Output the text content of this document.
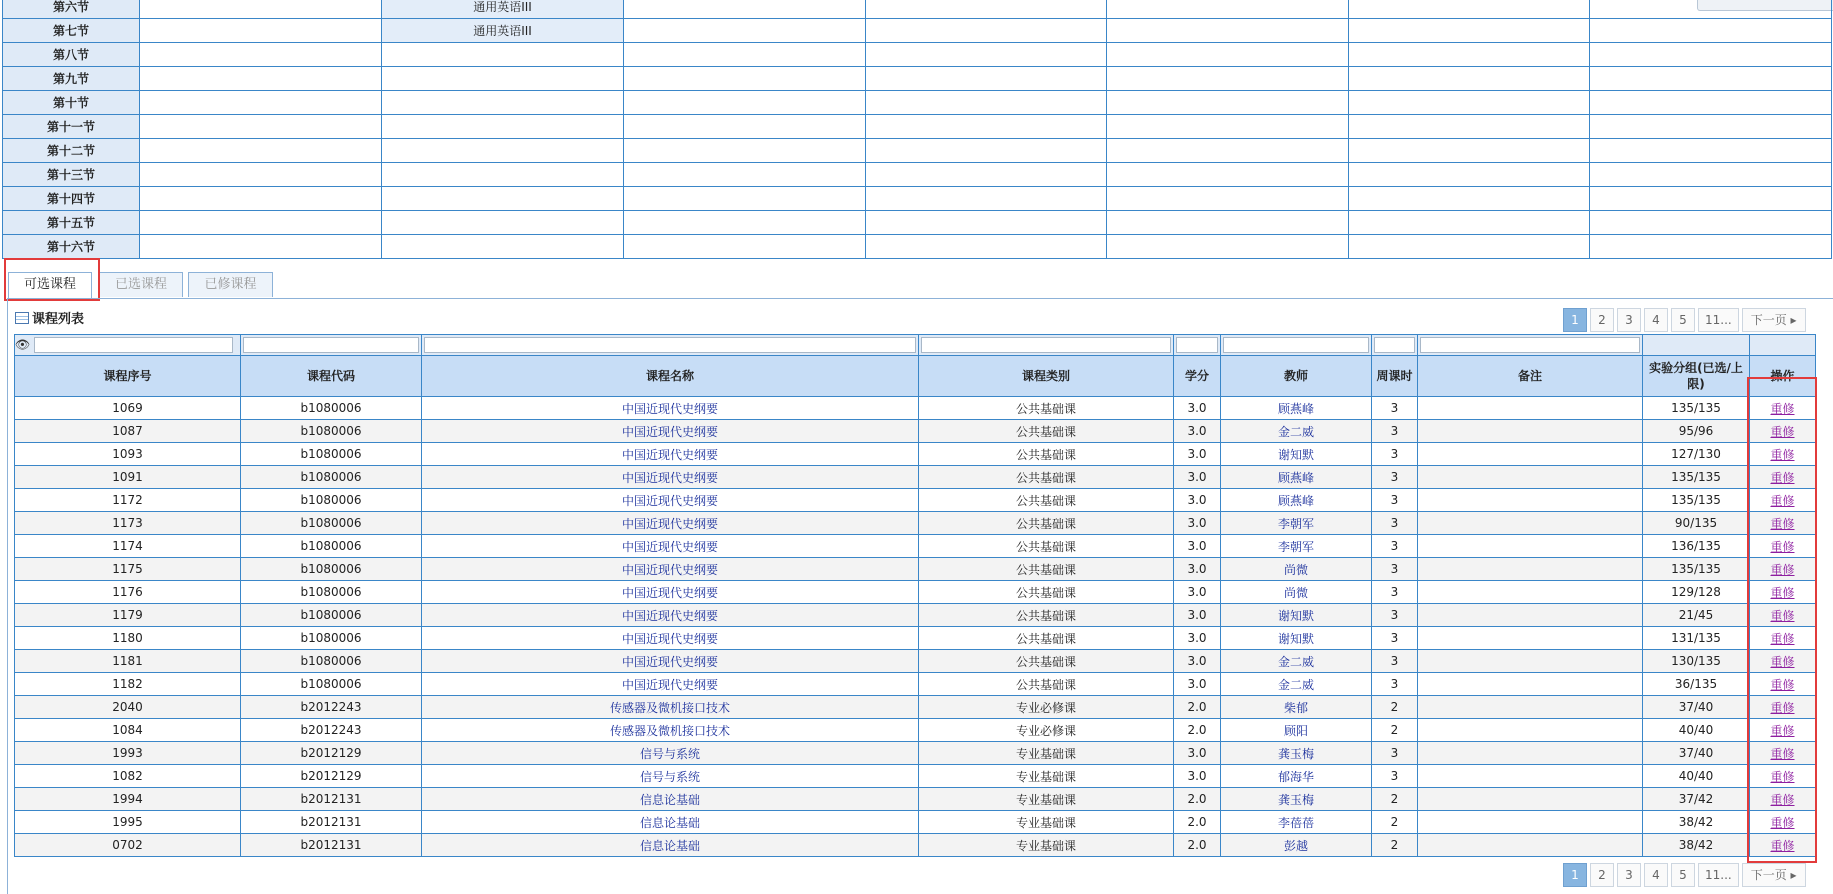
第六节		通用英语III					
第七节		通用英语III					
第八节							
第九节							
第十节							
第十一节							
第十二节							
第十三节							
第十四节							
第十五节							
第十六节							
可选课程	已选课程	已修课程
课程列表	1	2	3	4	5	11...	下一页 ▸
👁									
课程序号	课程代码	课程名称	课程类别	学分	教师	周课时	备注	实验分组(已选/上限)	操作
1069	b1080006	中国近现代史纲要	公共基础课	3.0	顾燕峰	3		135/135	重修
1087	b1080006	中国近现代史纲要	公共基础课	3.0	金二威	3		95/96	重修
1093	b1080006	中国近现代史纲要	公共基础课	3.0	谢知默	3		127/130	重修
1091	b1080006	中国近现代史纲要	公共基础课	3.0	顾燕峰	3		135/135	重修
1172	b1080006	中国近现代史纲要	公共基础课	3.0	顾燕峰	3		135/135	重修
1173	b1080006	中国近现代史纲要	公共基础课	3.0	李朝军	3		90/135	重修
1174	b1080006	中国近现代史纲要	公共基础课	3.0	李朝军	3		136/135	重修
1175	b1080006	中国近现代史纲要	公共基础课	3.0	尚微	3		135/135	重修
1176	b1080006	中国近现代史纲要	公共基础课	3.0	尚微	3		129/128	重修
1179	b1080006	中国近现代史纲要	公共基础课	3.0	谢知默	3		21/45	重修
1180	b1080006	中国近现代史纲要	公共基础课	3.0	谢知默	3		131/135	重修
1181	b1080006	中国近现代史纲要	公共基础课	3.0	金二威	3		130/135	重修
1182	b1080006	中国近现代史纲要	公共基础课	3.0	金二威	3		36/135	重修
2040	b2012243	传感器及微机接口技术	专业必修课	2.0	柴郁	2		37/40	重修
1084	b2012243	传感器及微机接口技术	专业必修课	2.0	顾阳	2		40/40	重修
1993	b2012129	信号与系统	专业基础课	3.0	龚玉梅	3		37/40	重修
1082	b2012129	信号与系统	专业基础课	3.0	郁海华	3		40/40	重修
1994	b2012131	信息论基础	专业基础课	2.0	龚玉梅	2		37/42	重修
1995	b2012131	信息论基础	专业基础课	2.0	李蓓蓓	2		38/42	重修
0702	b2012131	信息论基础	专业基础课	2.0	彭越	2		38/42	重修
1	2	3	4	5	11...	下一页 ▸
